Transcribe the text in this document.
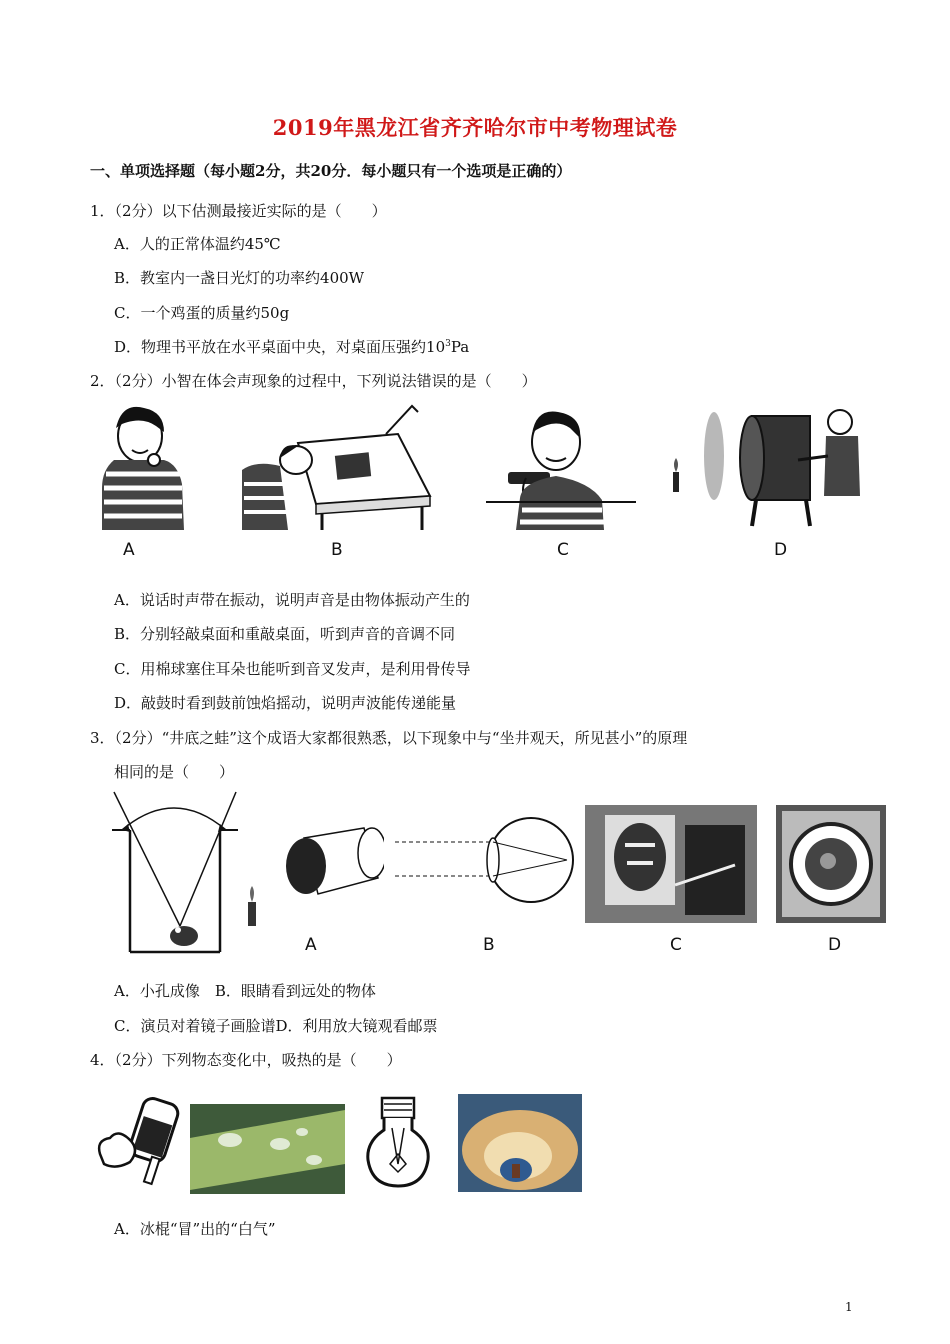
2019年黑龙江省齐齐哈尔市中考物理试卷
一、单项选择题（每小题2分，共20分．每小题只有一个选项是正确的）
1．（2分）以下估测最接近实际的是（　　）
A．人的正常体温约45℃
B．教室内一盏日光灯的功率约400W
C．一个鸡蛋的质量约50g
D．物理书平放在水平桌面中央，对桌面压强约$10^3Pa$
2．（2分）小智在体会声现象的过程中，下列说法错误的是（　　）
A	B	C	D
A．说话时声带在振动，说明声音是由物体振动产生的
B．分别轻敲桌面和重敲桌面，听到声音的音调不同
C．用棉球塞住耳朵也能听到音叉发声，是利用骨传导
D．敲鼓时看到鼓前蚀焰摇动，说明声波能传递能量
3．（2分）“井底之蛙”这个成语大家都很熟悉，以下现象中与“坐井观天，所见甚小”的原理
相同的是（　　）
A	B	C	D
A．小孔成像　B．眼睛看到远处的物体
C．演员对着镜子画脸谱D．利用放大镜观看邮票
4．（2分）下列物态变化中，吸热的是（　　）
A．冰棍“冒”出的“白气”
1
